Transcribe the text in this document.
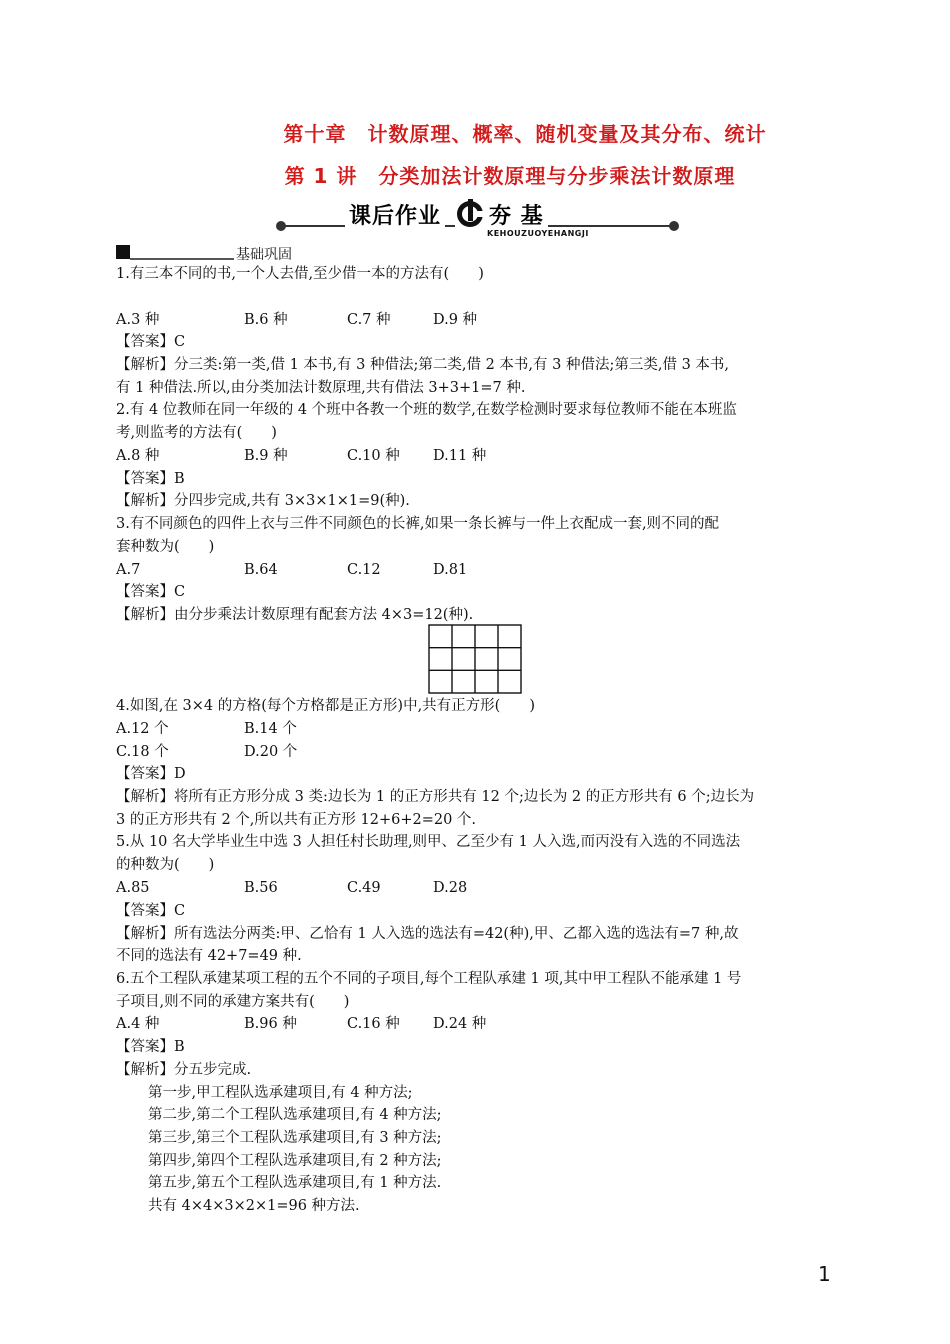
第十章　计数原理、概率、随机变量及其分布、统计
第 1 讲　分类加法计数原理与分步乘法计数原理
课后作业 夯 基
KEHOUZUOYEHANGJI
基础巩固
1.有三本不同的书,一个人去借,至少借一本的方法有(　　)
A.3 种	B.6 种	C.7 种	D.9 种
【答案】C
【解析】分三类:第一类,借 1 本书,有 3 种借法;第二类,借 2 本书,有 3 种借法;第三类,借 3 本书,
有 1 种借法.所以,由分类加法计数原理,共有借法 3+3+1=7 种.
2.有 4 位教师在同一年级的 4 个班中各教一个班的数学,在数学检测时要求每位教师不能在本班监
考,则监考的方法有(　　)
A.8 种	B.9 种	C.10 种 D.11 种
【答案】B
【解析】分四步完成,共有 3×3×1×1=9(种).
3.有不同颜色的四件上衣与三件不同颜色的长裤,如果一条长裤与一件上衣配成一套,则不同的配
套种数为(　　)
A.7	B.64	C.12	D.81
【答案】C
【解析】由分步乘法计数原理有配套方法 4×3=12(种).
4.如图,在 3×4 的方格(每个方格都是正方形)中,共有正方形(　　)
A.12 个	B.14 个
C.18 个	D.20 个
【答案】D
【解析】将所有正方形分成 3 类:边长为 1 的正方形共有 12 个;边长为 2 的正方形共有 6 个;边长为
3 的正方形共有 2 个,所以共有正方形 12+6+2=20 个.
5.从 10 名大学毕业生中选 3 人担任村长助理,则甲、乙至少有 1 人入选,而丙没有入选的不同选法
的种数为(　　)
A.85	B.56	C.49	D.28
【答案】C
【解析】所有选法分两类:甲、乙恰有 1 人入选的选法有=42(种),甲、乙都入选的选法有=7 种,故
不同的选法有 42+7=49 种.
6.五个工程队承建某项工程的五个不同的子项目,每个工程队承建 1 项,其中甲工程队不能承建 1 号
子项目,则不同的承建方案共有(　　)
A.4 种	B.96 种	C.16 种 D.24 种
【答案】B
【解析】分五步完成.
第一步,甲工程队选承建项目,有 4 种方法;
第二步,第二个工程队选承建项目,有 4 种方法;
第三步,第三个工程队选承建项目,有 3 种方法;
第四步,第四个工程队选承建项目,有 2 种方法;
第五步,第五个工程队选承建项目,有 1 种方法.
共有 4×4×3×2×1=96 种方法.
1
